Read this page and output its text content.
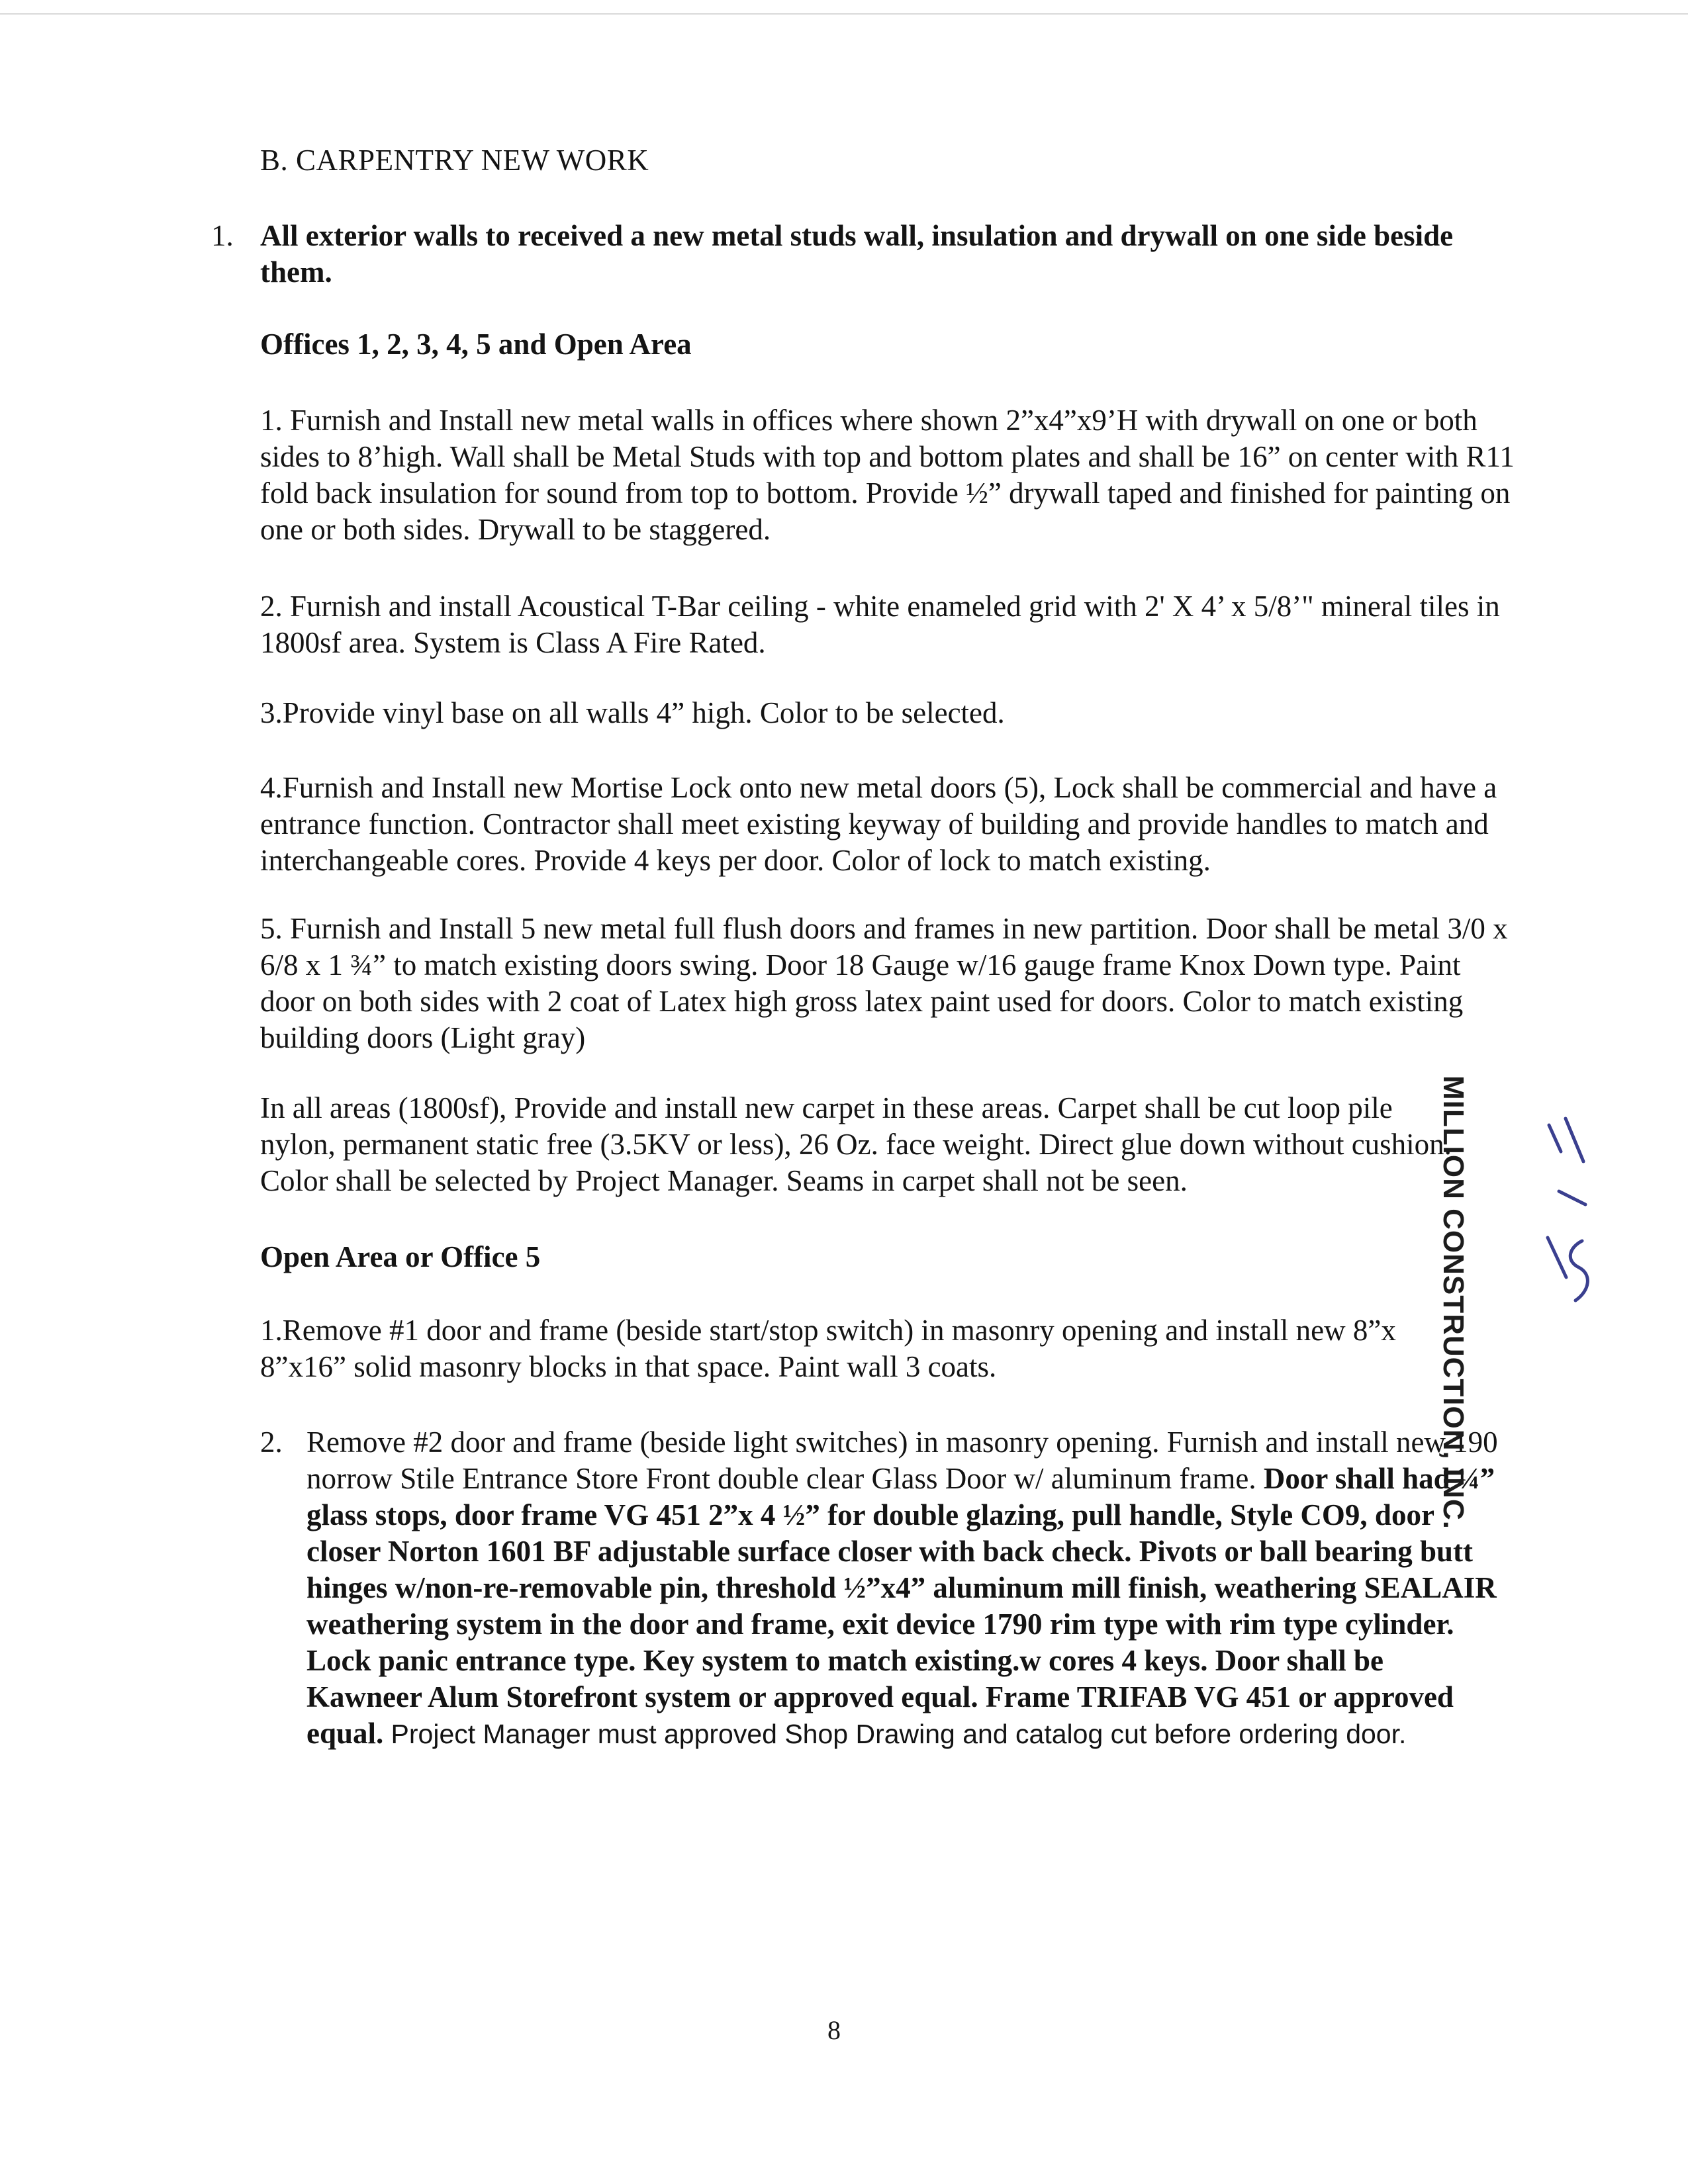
B. CARPENTRY NEW WORK

1. All exterior walls to received a new metal studs wall, insulation and drywall on one side beside them.

Offices 1, 2, 3, 4, 5 and Open Area

1. Furnish and Install new metal walls in offices where shown 2”x4”x9’H with drywall on one or both sides to 8’high. Wall shall be Metal Studs with top and bottom plates and shall be 16” on center with R11 fold back insulation for sound from top to bottom. Provide ½” drywall taped and finished for painting on one or both sides. Drywall to be staggered.

2. Furnish and install Acoustical T-Bar ceiling - white enameled grid with 2' X 4’ x 5/8’" mineral tiles in 1800sf area. System is Class A Fire Rated.

3.Provide vinyl base on all walls 4” high. Color to be selected.

4.Furnish and Install new Mortise Lock onto new metal doors (5), Lock shall be commercial and have a entrance function. Contractor shall meet existing keyway of building and provide handles to match and interchangeable cores. Provide 4 keys per door. Color of lock to match existing.

5. Furnish and Install 5 new metal full flush doors and frames in new partition. Door shall be metal 3/0 x 6/8 x 1 ¾” to match existing doors swing. Door 18 Gauge w/16 gauge frame Knox Down type. Paint door on both sides with 2 coat of Latex high gross latex paint used for doors. Color to match existing building doors (Light gray)

In all areas (1800sf), Provide and install new carpet in these areas. Carpet shall be cut loop pile nylon, permanent static free (3.5KV or less), 26 Oz. face weight. Direct glue down without cushion. Color shall be selected by Project Manager. Seams in carpet shall not be seen.

Open Area or Office 5

1.Remove #1 door and frame (beside start/stop switch) in masonry opening and install new 8”x 8”x16” solid masonry blocks in that space. Paint wall 3 coats.

2. Remove #2 door and frame (beside light switches) in masonry opening. Furnish and install new 190 norrow Stile Entrance Store Front double clear Glass Door w/ aluminum frame. Door shall had ¼” glass stops, door frame VG 451 2”x 4 ½” for double glazing, pull handle, Style CO9, door closer Norton 1601 BF adjustable surface closer with back check. Pivots or ball bearing butt hinges w/non-re-removable pin, threshold ½”x4” aluminum mill finish, weathering SEALAIR weathering system in the door and frame, exit device 1790 rim type with rim type cylinder. Lock panic entrance type. Key system to match existing.w cores 4 keys. Door shall be Kawneer Alum Storefront system or approved equal. Frame TRIFAB VG 451 or approved equal. Project Manager must approved Shop Drawing and catalog cut before ordering door.

8

MILLION CONSTRUCTION, INC.
